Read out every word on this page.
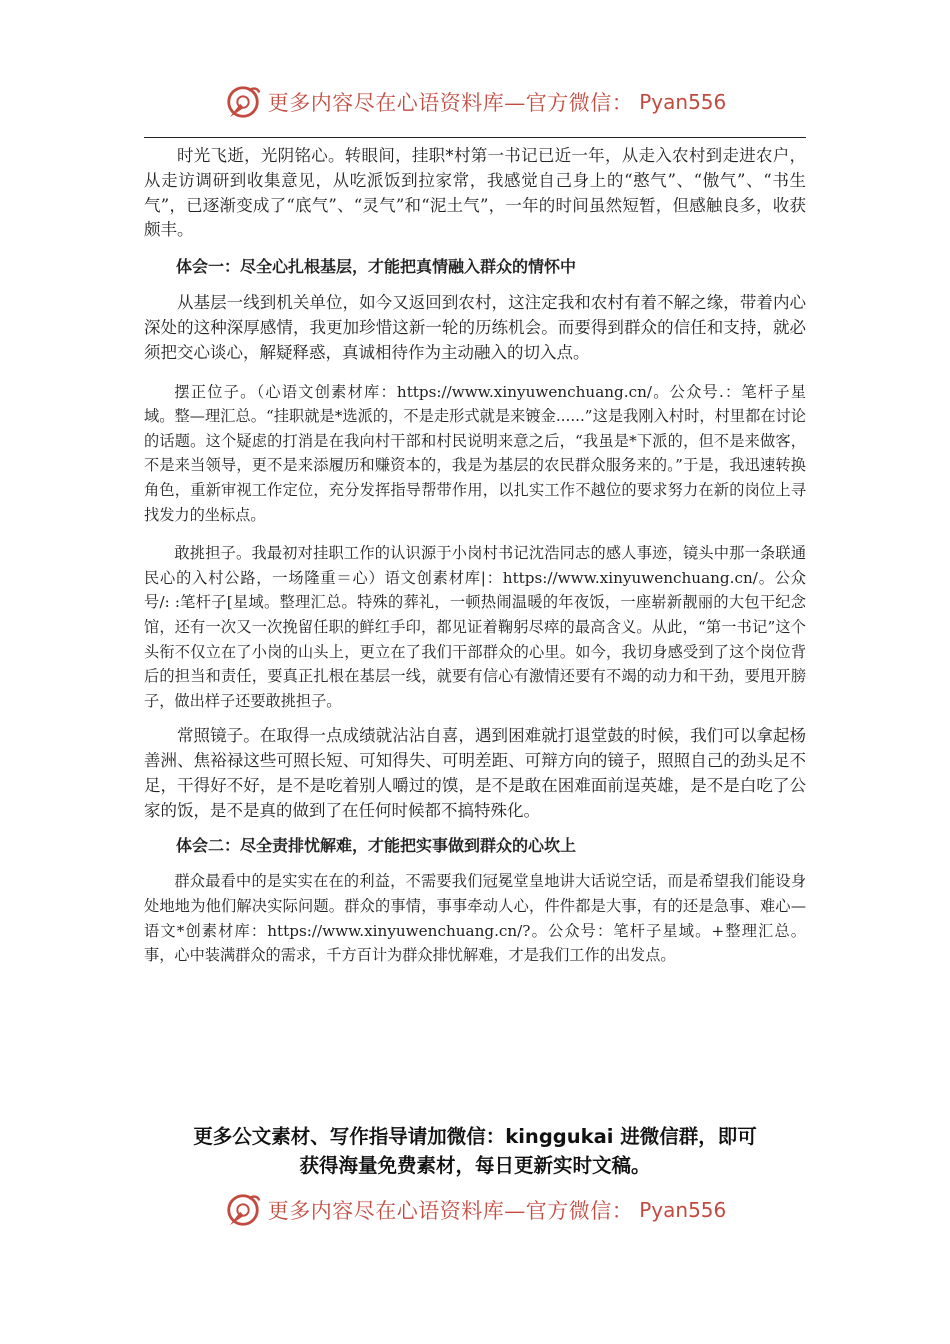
更多内容尽在心语资料库—官方微信： Pyan556

时光飞逝，光阴铭心。转眼间，挂职*村第一书记已近一年，从走入农村到走进农户，从走访调研到收集意见，从吃派饭到拉家常，我感觉自己身上的“憨气”、“傲气”、“书生气”，已逐渐变成了“底气”、“灵气”和“泥土气”，一年的时间虽然短暂，但感触良多，收获颇丰。

体会一：尽全心扎根基层，才能把真情融入群众的情怀中

从基层一线到机关单位，如今又返回到农村，这注定我和农村有着不解之缘，带着内心深处的这种深厚感情，我更加珍惜这新一轮的历练机会。而要得到群众的信任和支持，就必须把交心谈心，解疑释惑，真诚相待作为主动融入的切入点。

摆正位子。（心语文创素材库：https://www.xinyuwenchuang.cn/。公众号.：笔杆子星域。整—理汇总。“挂职就是*选派的，不是走形式就是来镀金......”这是我刚入村时，村里都在讨论的话题。这个疑虑的打消是在我向村干部和村民说明来意之后，“我虽是*下派的，但不是来做客，不是来当领导，更不是来添履历和赚资本的，我是为基层的农民群众服务来的。”于是，我迅速转换角色，重新审视工作定位，充分发挥指导帮带作用，以扎实工作不越位的要求努力在新的岗位上寻找发力的坐标点。

敢挑担子。我最初对挂职工作的认识源于小岗村书记沈浩同志的感人事迹，镜头中那一条联通民心的入村公路，一场隆重＝心）语文创素材库|：https://www.xinyuwenchuang.cn/。公众号/: :笔杆子[星域。整理汇总。特殊的葬礼，一顿热闹温暖的年夜饭，一座崭新靓丽的大包干纪念馆，还有一次又一次挽留任职的鲜红手印，都见证着鞠躬尽瘁的最高含义。从此，“第一书记”这个头衔不仅立在了小岗的山头上，更立在了我们干部群众的心里。如今，我切身感受到了这个岗位背后的担当和责任，要真正扎根在基层一线，就要有信心有激情还要有不竭的动力和干劲，要甩开膀子，做出样子还要敢挑担子。

常照镜子。在取得一点成绩就沾沾自喜，遇到困难就打退堂鼓的时候，我们可以拿起杨善洲、焦裕禄这些可照长短、可知得失、可明差距、可辩方向的镜子，照照自己的劲头足不足，干得好不好，是不是吃着别人嚼过的馍，是不是敢在困难面前逞英雄，是不是白吃了公家的饭，是不是真的做到了在任何时候都不搞特殊化。

体会二：尽全责排忧解难，才能把实事做到群众的心坎上

群众最看中的是实实在在的利益，不需要我们冠冕堂皇地讲大话说空话，而是希望我们能设身处地地为他们解决实际问题。群众的事情，事事牵动人心，件件都是大事，有的还是急事、难心—语文*创素材库：https://www.xinyuwenchuang.cn/?。公众号：笔杆子星域。+整理汇总。事，心中装满群众的需求，千方百计为群众排忧解难，才是我们工作的出发点。

更多公文素材、写作指导请加微信：kinggukai 进微信群，即可
获得海量免费素材，每日更新实时文稿。
更多内容尽在心语资料库—官方微信： Pyan556
